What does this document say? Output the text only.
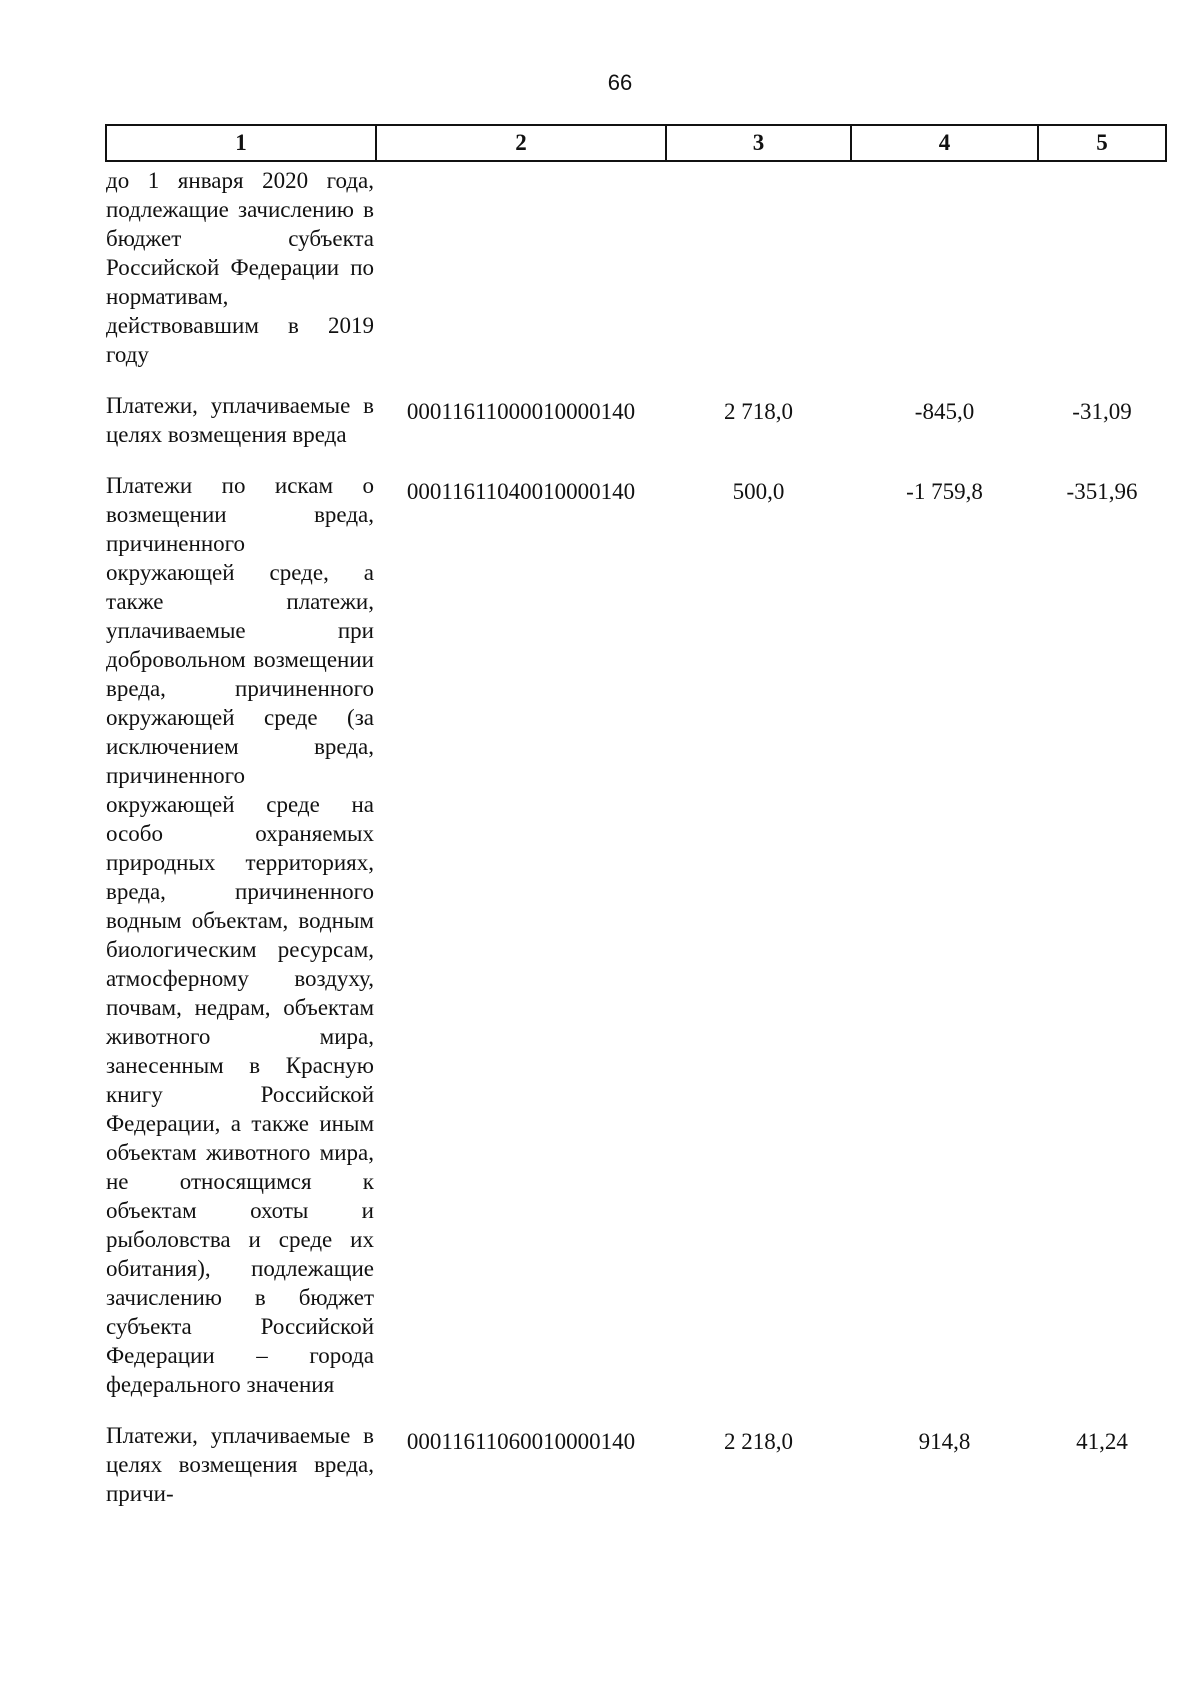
66
1	2	3	4	5
до 1 января 2020 года, подлежащие зачислению в бюджет субъекта Российской Федерации по нормативам, действовавшим в 2019 году				
Платежи, уплачиваемые в целях возмещения вреда	00011611000010000140	2 718,0	-845,0	-31,09
Платежи по искам о возмещении вреда, причиненного окружающей среде, а также платежи, уплачиваемые при добровольном возмещении вреда, причиненного окружающей среде (за исключением вреда, причиненного окружающей среде на особо охраняемых природных территориях, вреда, причиненного водным объектам, водным биологическим ресурсам, атмосферному воздуху, почвам, недрам, объектам животного мира, занесенным в Красную книгу Российской Федерации, а также иным объектам животного мира, не относящимся к объектам охоты и рыболовства и среде их обитания), подлежащие зачислению в бюджет субъекта Российской Федерации – города федерального значения	00011611040010000140	500,0	-1 759,8	-351,96
Платежи, уплачиваемые в целях возмещения вреда, причи-	00011611060010000140	2 218,0	914,8	41,24
